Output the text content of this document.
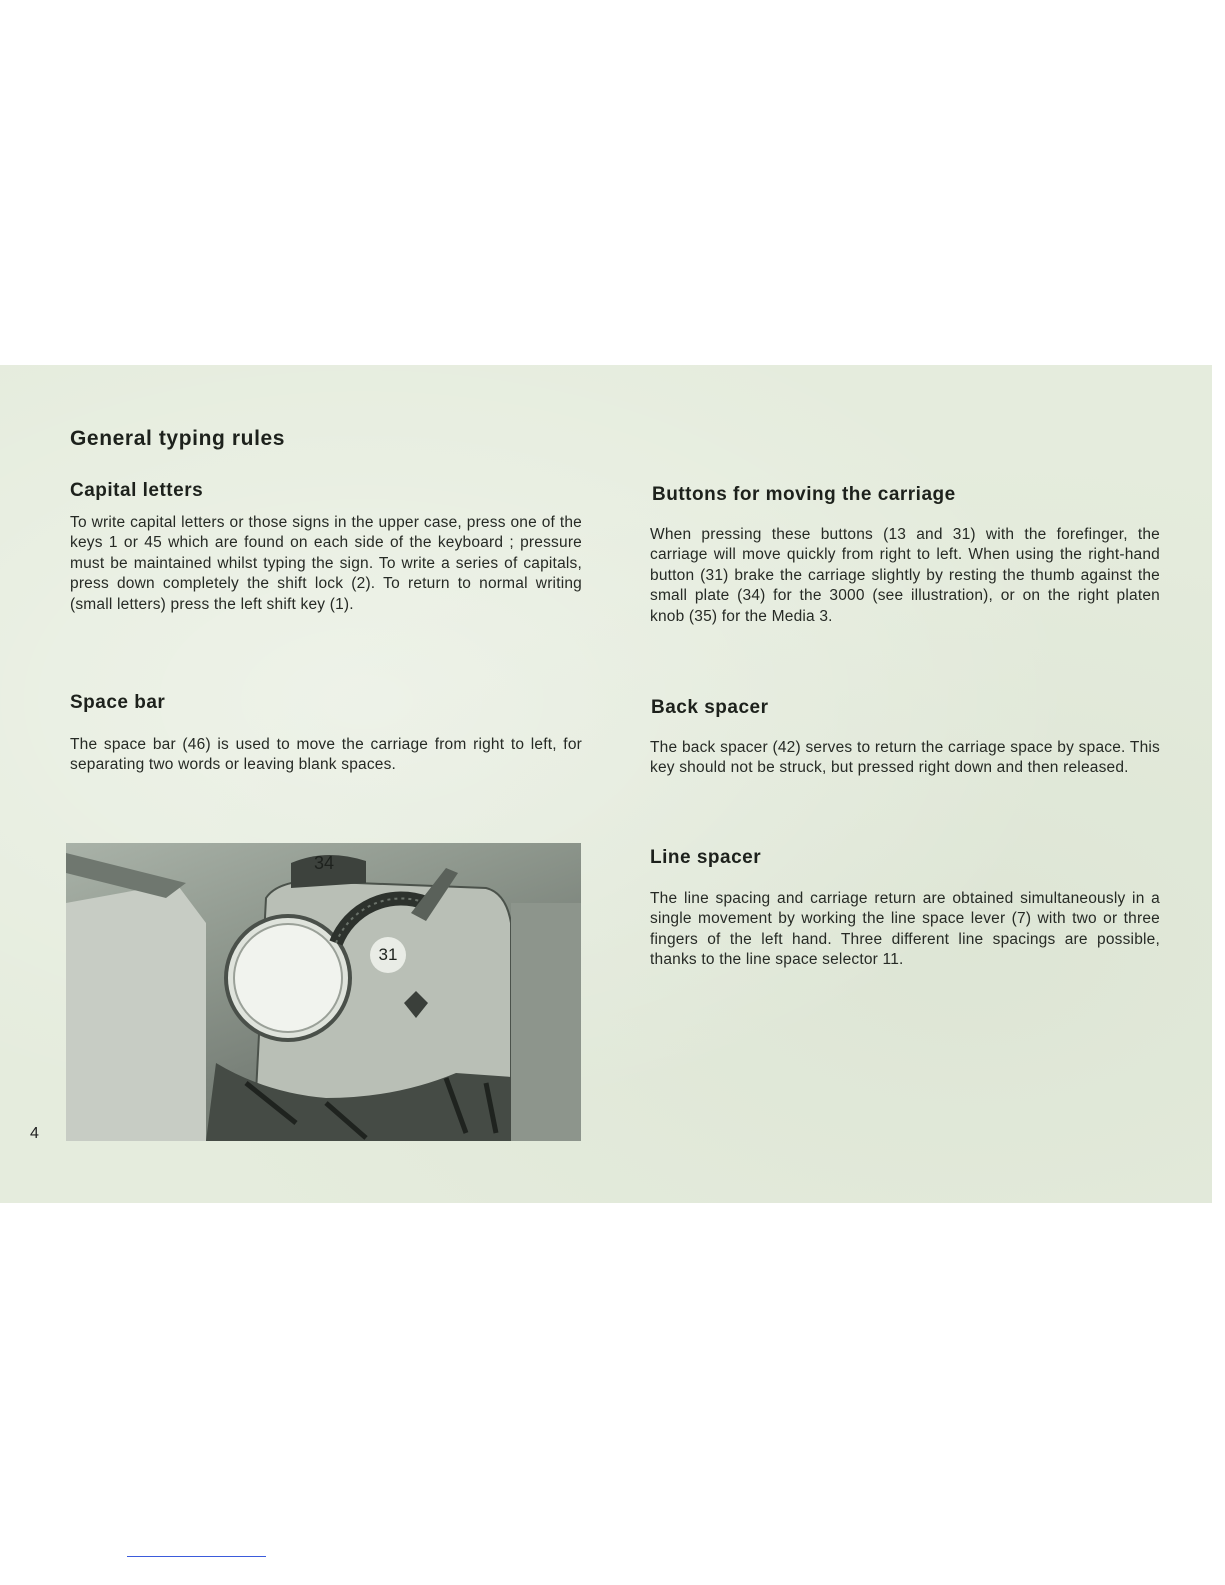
General typing rules
Capital letters

To write capital letters or those signs in the upper case, press one of the keys 1 or 45 which are found on each side of the keyboard ; pressure must be maintained whilst typing the sign. To write a series of capitals, press down completely the shift lock (2). To return to normal writing (small letters) press the left shift key (1).

Space bar

The space bar (46) is used to move the carriage from right to left, for separating two words or leaving blank spaces.

34
31
Buttons for moving the carriage

When pressing these buttons (13 and 31) with the forefinger, the carriage will move quickly from right to left. When using the right-hand button (31) brake the carriage slightly by resting the thumb against the small plate (34) for the 3000 (see illustration), or on the right platen knob (35) for the Media 3.

Back spacer

The back spacer (42) serves to return the carriage space by space. This key should not be struck, but pressed right down and then released.

Line spacer

The line spacing and carriage return are obtained simultaneously in a single movement by working the line space lever (7) with two or three fingers of the left hand. Three different line spacings are possible, thanks to the line space selector 11.

4
